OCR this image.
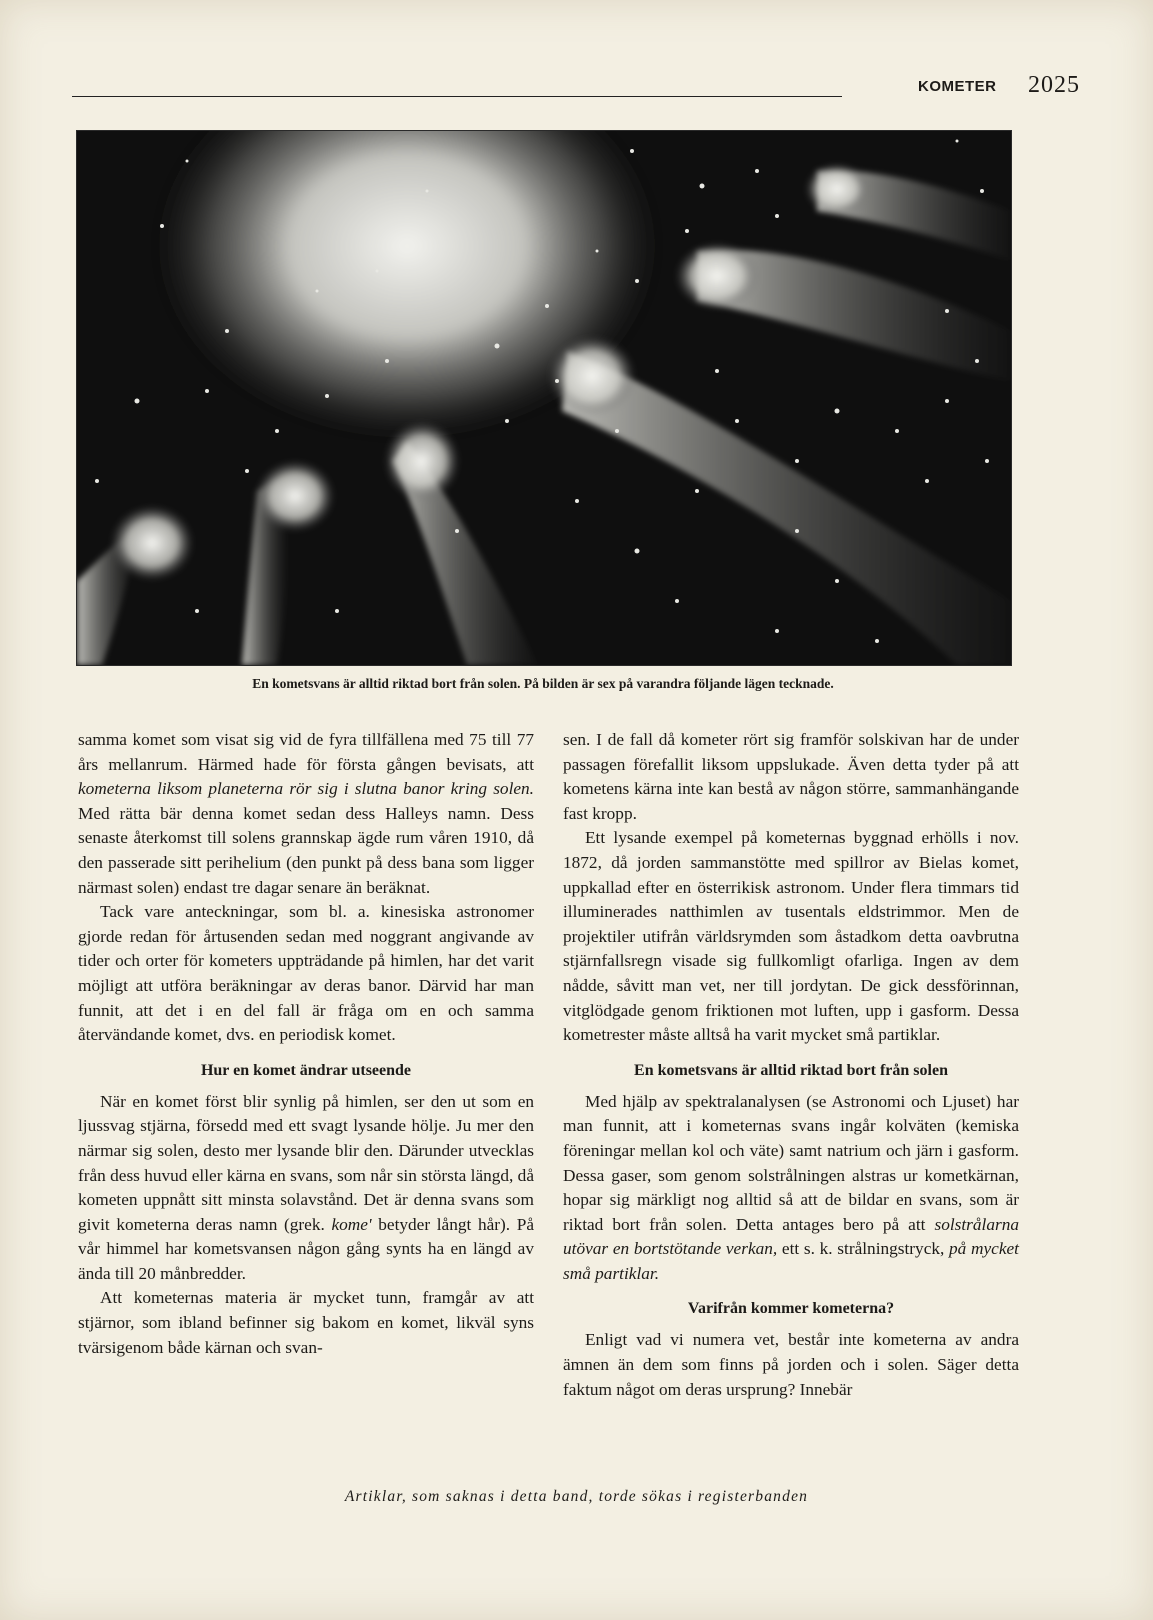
KOMETER 2025
En kometsvans är alltid riktad bort från solen. På bilden är sex på varandra följande lägen tecknade.

samma komet som visat sig vid de fyra tillfällena med 75 till 77 års mellanrum. Härmed hade för första gången bevisats, att kometerna liksom planeterna rör sig i slutna banor kring solen. Med rätta bär denna komet sedan dess Halleys namn. Dess senaste återkomst till solens grannskap ägde rum våren 1910, då den passerade sitt perihelium (den punkt på dess bana som ligger närmast solen) endast tre dagar senare än beräknat.

Tack vare anteckningar, som bl. a. kinesiska astronomer gjorde redan för årtusenden sedan med noggrant angivande av tider och orter för kometers uppträdande på himlen, har det varit möjligt att utföra beräkningar av deras banor. Därvid har man funnit, att det i en del fall är fråga om en och samma återvändande komet, dvs. en periodisk komet.

Hur en komet ändrar utseende

När en komet först blir synlig på himlen, ser den ut som en ljussvag stjärna, försedd med ett svagt lysande hölje. Ju mer den närmar sig solen, desto mer lysande blir den. Därunder utvecklas från dess huvud eller kärna en svans, som når sin största längd, då kometen uppnått sitt minsta solavstånd. Det är denna svans som givit kometerna deras namn (grek. kome' betyder långt hår). På vår himmel har kometsvansen någon gång synts ha en längd av ända till 20 månbredder.

Att kometernas materia är mycket tunn, framgår av att stjärnor, som ibland befinner sig bakom en komet, likväl syns tvärsigenom både kärnan och svan-

sen. I de fall då kometer rört sig framför solskivan har de under passagen förefallit liksom uppslukade. Även detta tyder på att kometens kärna inte kan bestå av någon större, sammanhängande fast kropp.

Ett lysande exempel på kometernas byggnad erhölls i nov. 1872, då jorden sammanstötte med spillror av Bielas komet, uppkallad efter en österrikisk astronom. Under flera timmars tid illuminerades natthimlen av tusentals eldstrimmor. Men de projektiler utifrån världsrymden som åstadkom detta oavbrutna stjärnfallsregn visade sig fullkomligt ofarliga. Ingen av dem nådde, såvitt man vet, ner till jordytan. De gick dessförinnan, vitglödgade genom friktionen mot luften, upp i gasform. Dessa kometrester måste alltså ha varit mycket små partiklar.

En kometsvans är alltid riktad bort från solen

Med hjälp av spektralanalysen (se Astronomi och Ljuset) har man funnit, att i kometernas svans ingår kolväten (kemiska föreningar mellan kol och väte) samt natrium och järn i gasform. Dessa gaser, som genom solstrålningen alstras ur kometkärnan, hopar sig märkligt nog alltid så att de bildar en svans, som är riktad bort från solen. Detta antages bero på att solstrålarna utövar en bortstötande verkan, ett s. k. strålningstryck, på mycket små partiklar.

Varifrån kommer kometerna?

Enligt vad vi numera vet, består inte kometerna av andra ämnen än dem som finns på jorden och i solen. Säger detta faktum något om deras ursprung? Innebär

Artiklar, som saknas i detta band, torde sökas i registerbanden
